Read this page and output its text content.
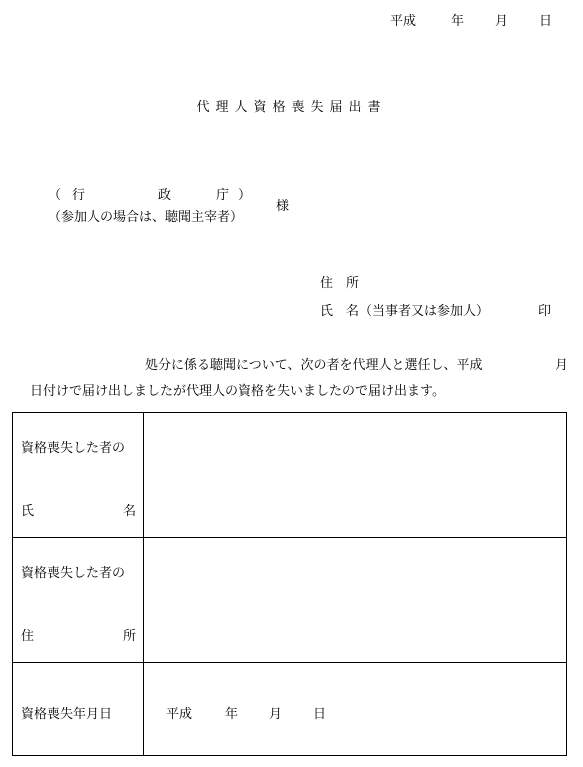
平成	年 月 日
代理人資格喪失届出書
（ 行	政	庁 ）
（参加人の場合は、聴聞主宰者）
様
住　所
氏　名（当事者又は参加人）	印
処分に係る聴聞について、次の者を代理人と選任し、平成	月
日付けで届け出しましたが代理人の資格を失いましたので届け出ます。
資格喪失した者の
氏 名	

資格喪失した者の
住 所	

資格喪失年月日	平成 年 月 日
